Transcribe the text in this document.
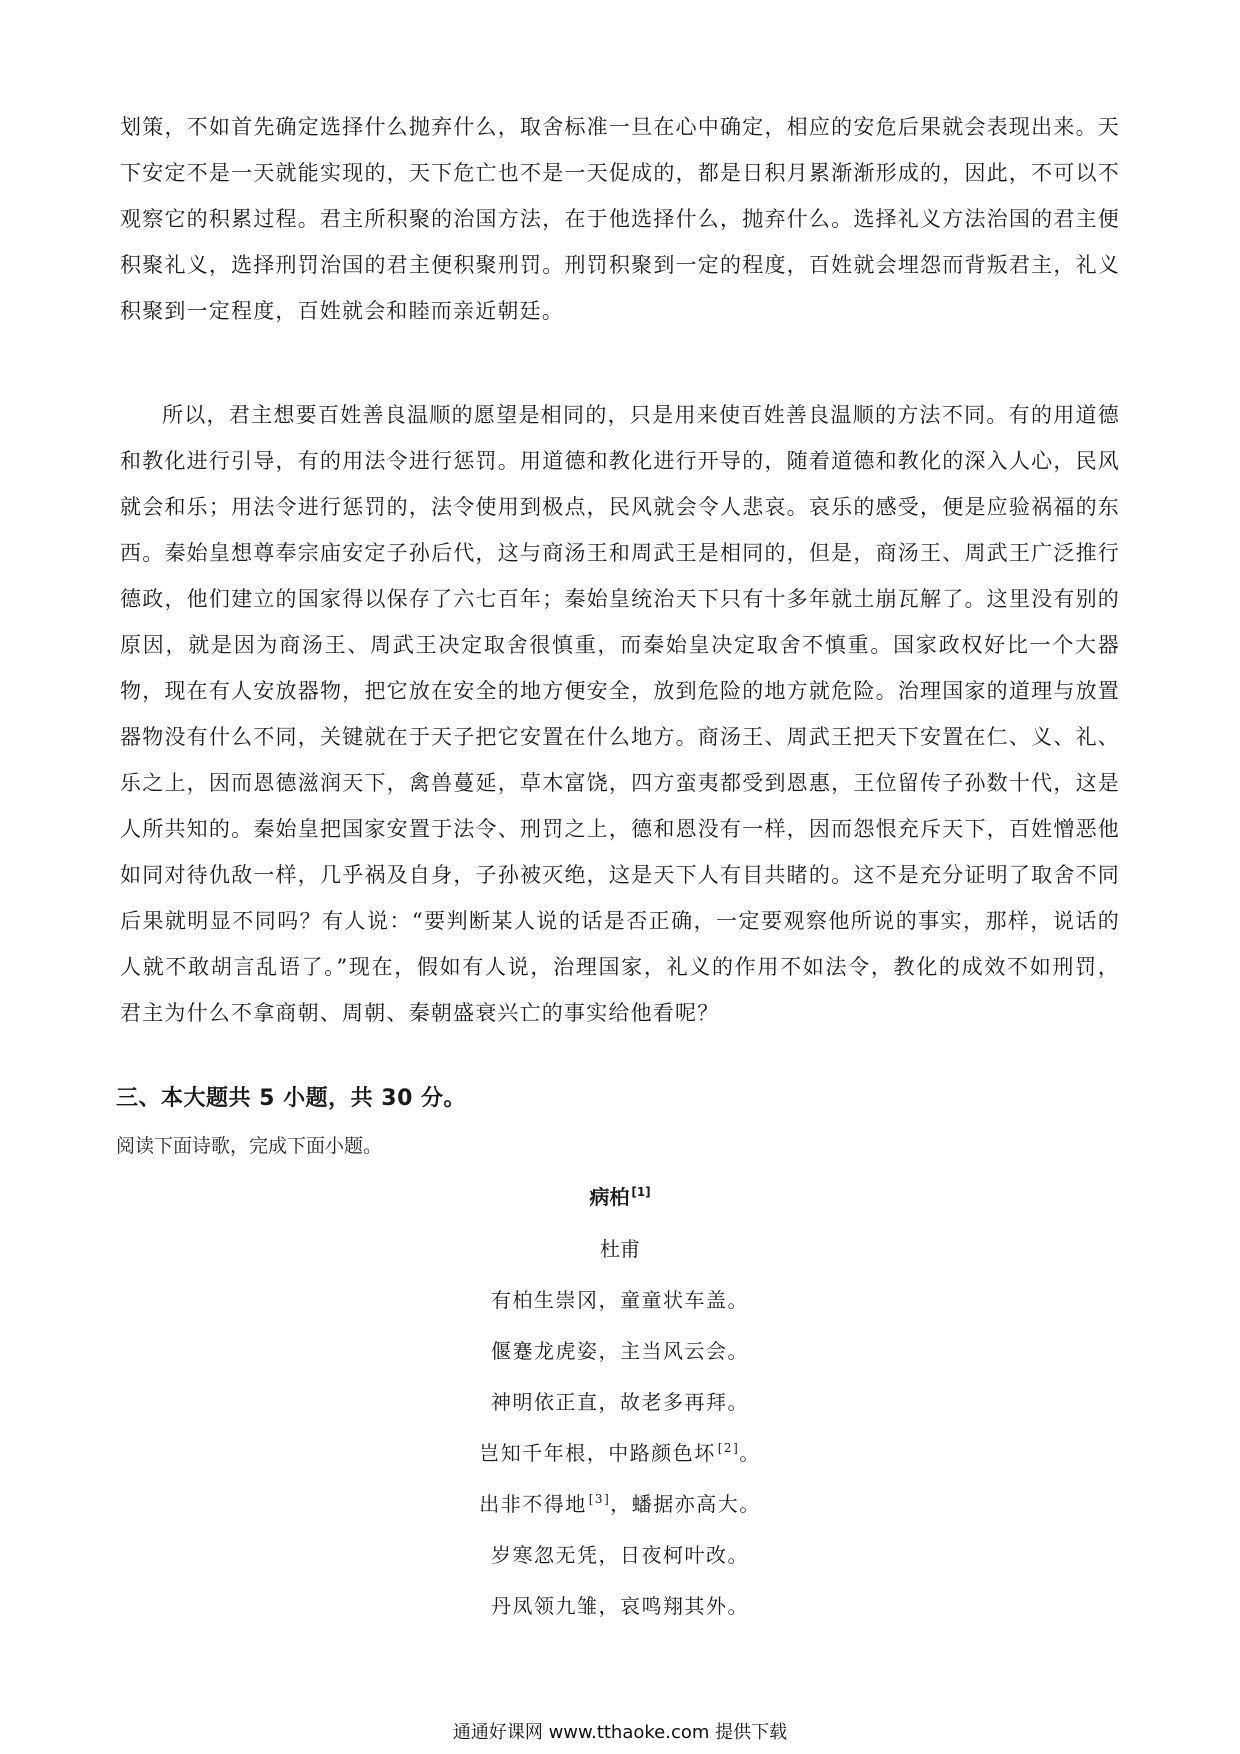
划策，不如首先确定选择什么抛弃什么，取舍标准一旦在心中确定，相应的安危后果就会表现出来。天下安定不是一天就能实现的，天下危亡也不是一天促成的，都是日积月累渐渐形成的，因此，不可以不观察它的积累过程。君主所积聚的治国方法，在于他选择什么，抛弃什么。选择礼义方法治国的君主便积聚礼义，选择刑罚治国的君主便积聚刑罚。刑罚积聚到一定的程度，百姓就会埋怨而背叛君主，礼义积聚到一定程度，百姓就会和睦而亲近朝廷。

所以，君主想要百姓善良温顺的愿望是相同的，只是用来使百姓善良温顺的方法不同。有的用道德和教化进行引导，有的用法令进行惩罚。用道德和教化进行开导的，随着道德和教化的深入人心，民风就会和乐；用法令进行惩罚的，法令使用到极点，民风就会令人悲哀。哀乐的感受，便是应验祸福的东西。秦始皇想尊奉宗庙安定子孙后代，这与商汤王和周武王是相同的，但是，商汤王、周武王广泛推行德政，他们建立的国家得以保存了六七百年；秦始皇统治天下只有十多年就土崩瓦解了。这里没有别的原因，就是因为商汤王、周武王决定取舍很慎重，而秦始皇决定取舍不慎重。国家政权好比一个大器物，现在有人安放器物，把它放在安全的地方便安全，放到危险的地方就危险。治理国家的道理与放置器物没有什么不同，关键就在于天子把它安置在什么地方。商汤王、周武王把天下安置在仁、义、礼、乐之上，因而恩德滋润天下，禽兽蔓延，草木富饶，四方蛮夷都受到恩惠，王位留传子孙数十代，这是人所共知的。秦始皇把国家安置于法令、刑罚之上，德和恩没有一样，因而怨恨充斥天下，百姓憎恶他如同对待仇敌一样，几乎祸及自身，子孙被灭绝，这是天下人有目共睹的。这不是充分证明了取舍不同后果就明显不同吗？有人说：“要判断某人说的话是否正确，一定要观察他所说的事实，那样，说话的人就不敢胡言乱语了。”现在，假如有人说，治理国家，礼义的作用不如法令，教化的成效不如刑罚，君主为什么不拿商朝、周朝、秦朝盛衰兴亡的事实给他看呢？

三、本大题共 5 小题，共 30 分。

阅读下面诗歌，完成下面小题。

病柏 [1]
杜甫
有柏生崇冈，童童状车盖。
偃蹇龙虎姿，主当风云会。
神明依正直，故老多再拜。
岂知千年根，中路颜色坏 [2]。
出非不得地 [3]，蟠据亦高大。
岁寒忽无凭，日夜柯叶改。
丹凤领九雏，哀鸣翔其外。
通通好课网 www.tthaoke.com 提供下载
